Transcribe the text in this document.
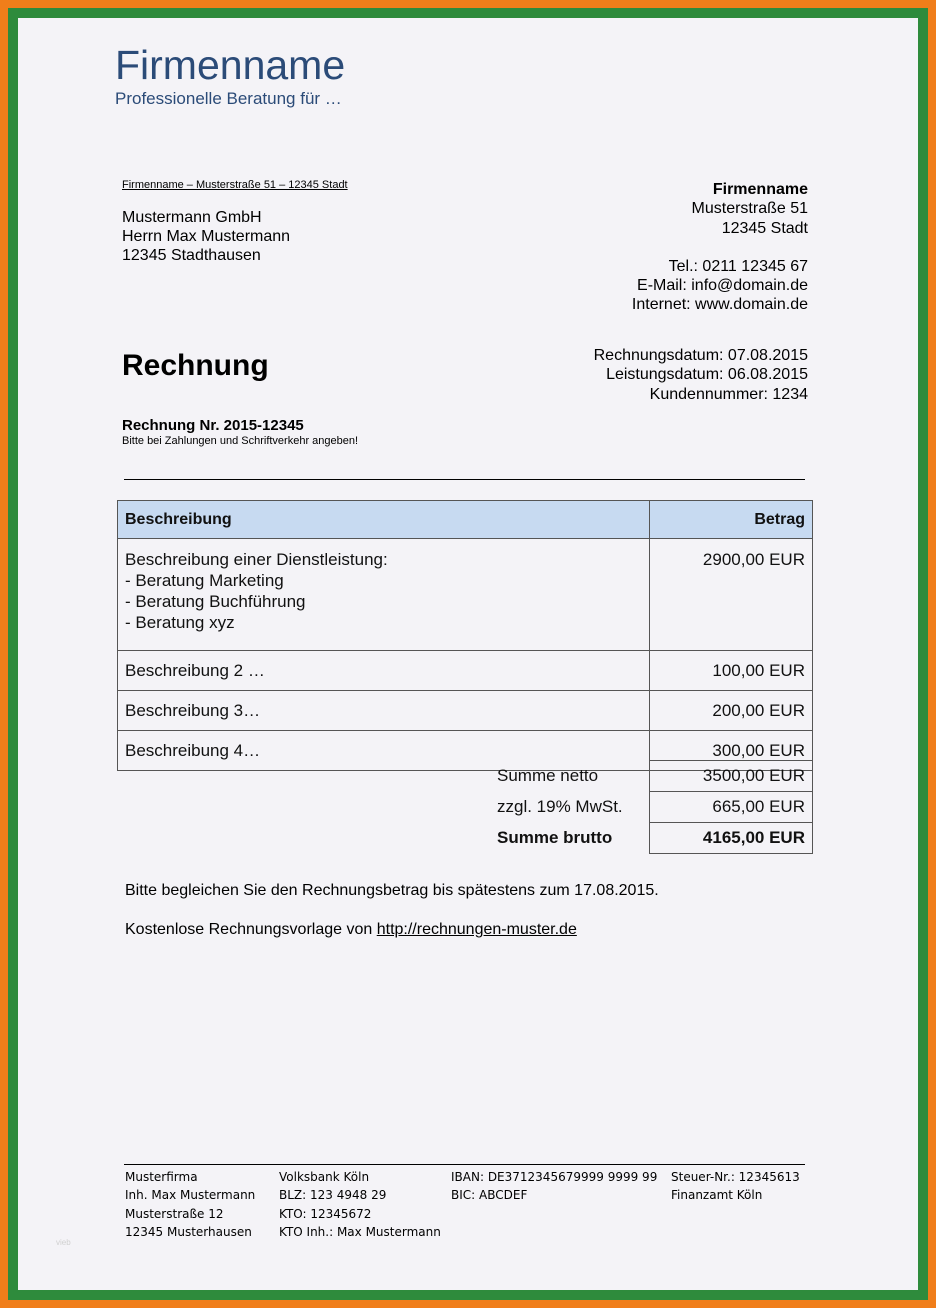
Firmenname
Professionelle Beratung für …
Firmenname – Musterstraße 51 – 12345 Stadt
Mustermann GmbH
Herrn Max Mustermann
12345 Stadthausen
Firmenname
Musterstraße 51
12345 Stadt
Tel.: 0211 12345 67
E-Mail: info@domain.de
Internet: www.domain.de
Rechnung	Rechnungsdatum: 07.08.2015
Leistungsdatum: 06.08.2015
Kundennummer: 1234
Rechnung Nr. 2015-12345
Bitte bei Zahlungen und Schriftverkehr angeben!
Beschreibung	Betrag

Beschreibung einer Dienstleistung:
- Beratung Marketing
- Beratung Buchführung
- Beratung xyz	2900,00 EUR
Beschreibung 2 …	100,00 EUR
Beschreibung 3…	200,00 EUR
Beschreibung 4…	300,00 EUR
Summe netto	3500,00 EUR
zzgl. 19% MwSt.	665,00 EUR
Summe brutto	4165,00 EUR
Bitte begleichen Sie den Rechnungsbetrag bis spätestens zum 17.08.2015.
Kostenlose Rechnungsvorlage von http://rechnungen-muster.de
Musterfirma
Inh. Max Mustermann
Musterstraße 12
12345 Musterhausen
Volksbank Köln
BLZ: 123 4948 29
KTO: 12345672
KTO Inh.: Max Mustermann
IBAN: DE3712345679999 9999 99
BIC: ABCDEF
Steuer-Nr.: 12345613
Finanzamt Köln
vieb
